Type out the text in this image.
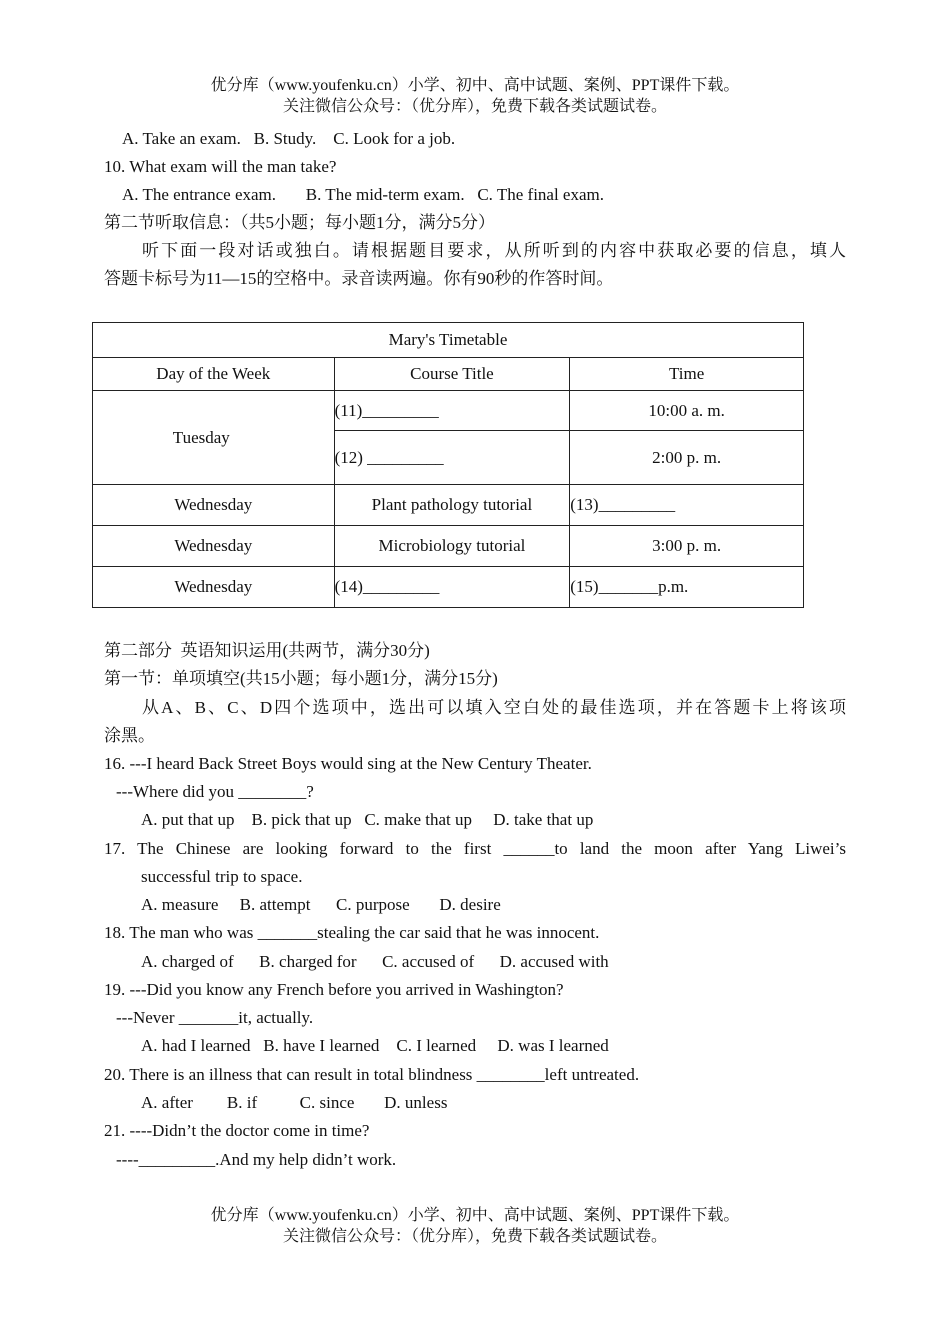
优分库（www.youfenku.cn）小学、初中、高中试题、案例、PPT课件下载。
关注微信公众号：（优分库），免费下载各类试题试卷。
A. Take an exam.   B. Study.    C. Look for a job.
10. What exam will the man take?
A. The entrance exam.       B. The mid-term exam.   C. The final exam.
第二节听取信息：（共5小题；每小题1分，满分5分）
听下面一段对话或独白。请根据题目要求，从所听到的内容中获取必要的信息，填人
答题卡标号为11—15的空格中。录音读两遍。你有90秒的作答时间。
Mary's Timetable		
Day of the Week	Course Title	Time
Tuesday	(11)_________	10:00 a. m.
	(12) _________	2:00 p. m.
Wednesday	Plant pathology tutorial	(13)_________
Wednesday	Microbiology tutorial	3:00 p. m.
Wednesday	(14)_________	(15)_______p.m.
第二部分  英语知识运用(共两节，满分30分)
第一节：单项填空(共15小题；每小题1分，满分15分)
从A、B、C、D四个选项中，选出可以填入空白处的最佳选项，并在答题卡上将该项
涂黑。
16. ---I heard Back Street Boys would sing at the New Century Theater.
---Where did you ________?
A. put that up    B. pick that up   C. make that up     D. take that up
17. The Chinese are looking forward to the first ______to land the moon after Yang Liwei’s
successful trip to space.
A. measure     B. attempt      C. purpose       D. desire
18. The man who was _______stealing the car said that he was innocent.
A. charged of      B. charged for      C. accused of      D. accused with
19. ---Did you know any French before you arrived in Washington?
---Never _______it, actually.
A. had I learned   B. have I learned    C. I learned     D. was I learned
20. There is an illness that can result in total blindness ________left untreated.
A. after        B. if          C. since       D. unless
21. ----Didn’t the doctor come in time?
----_________.And my help didn’t work.
优分库（www.youfenku.cn）小学、初中、高中试题、案例、PPT课件下载。
关注微信公众号：（优分库），免费下载各类试题试卷。
